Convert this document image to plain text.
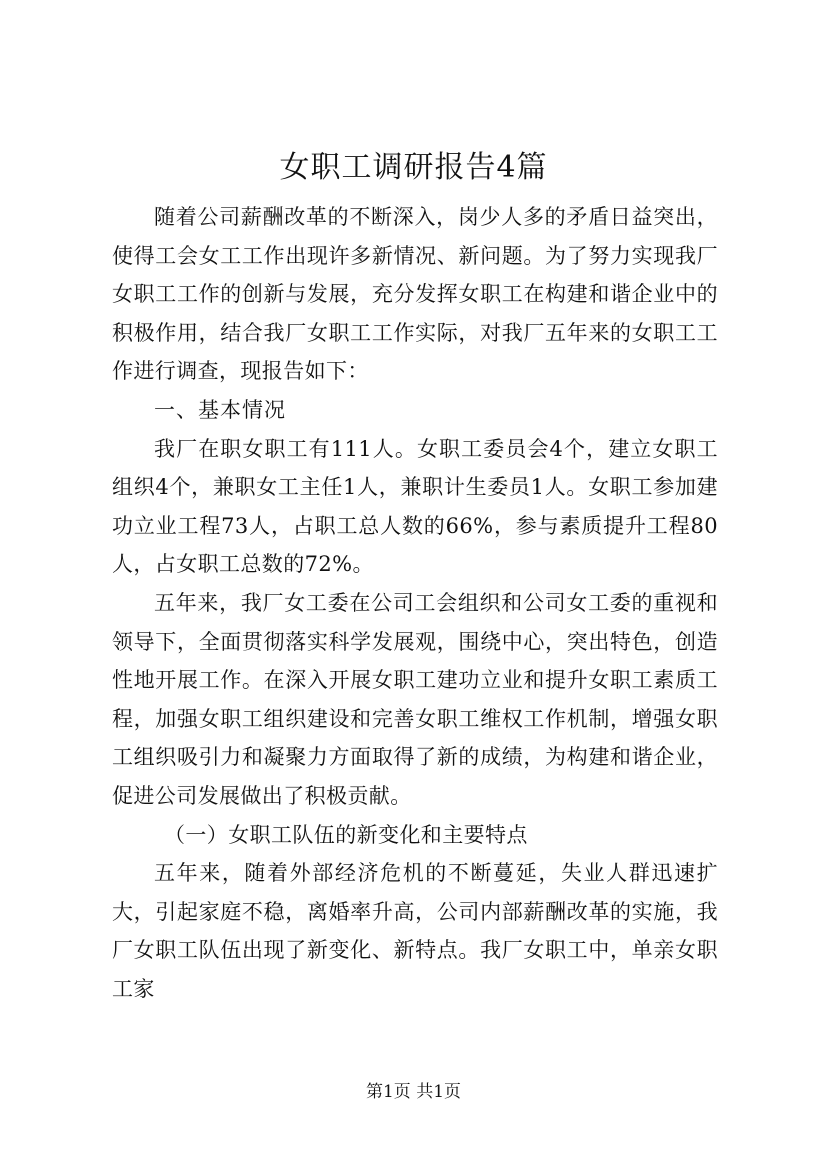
女职工调研报告4篇

随着公司薪酬改革的不断深入，岗少人多的矛盾日益突出，使得工会女工工作出现许多新情况、新问题。为了努力实现我厂女职工工作的创新与发展，充分发挥女职工在构建和谐企业中的积极作用，结合我厂女职工工作实际，对我厂五年来的女职工工作进行调查，现报告如下：

一、基本情况

我厂在职女职工有111人。女职工委员会4个，建立女职工组织4个，兼职女工主任1人，兼职计生委员1人。女职工参加建功立业工程73人，占职工总人数的66%，参与素质提升工程80人，占女职工总数的72%。

五年来，我厂女工委在公司工会组织和公司女工委的重视和领导下，全面贯彻落实科学发展观，围绕中心，突出特色，创造性地开展工作。在深入开展女职工建功立业和提升女职工素质工程，加强女职工组织建设和完善女职工维权工作机制，增强女职工组织吸引力和凝聚力方面取得了新的成绩，为构建和谐企业，促进公司发展做出了积极贡献。

（一）女职工队伍的新变化和主要特点

五年来，随着外部经济危机的不断蔓延，失业人群迅速扩大，引起家庭不稳，离婚率升高，公司内部薪酬改革的实施，我厂女职工队伍出现了新变化、新特点。我厂女职工中，单亲女职工家

第1页 共1页
